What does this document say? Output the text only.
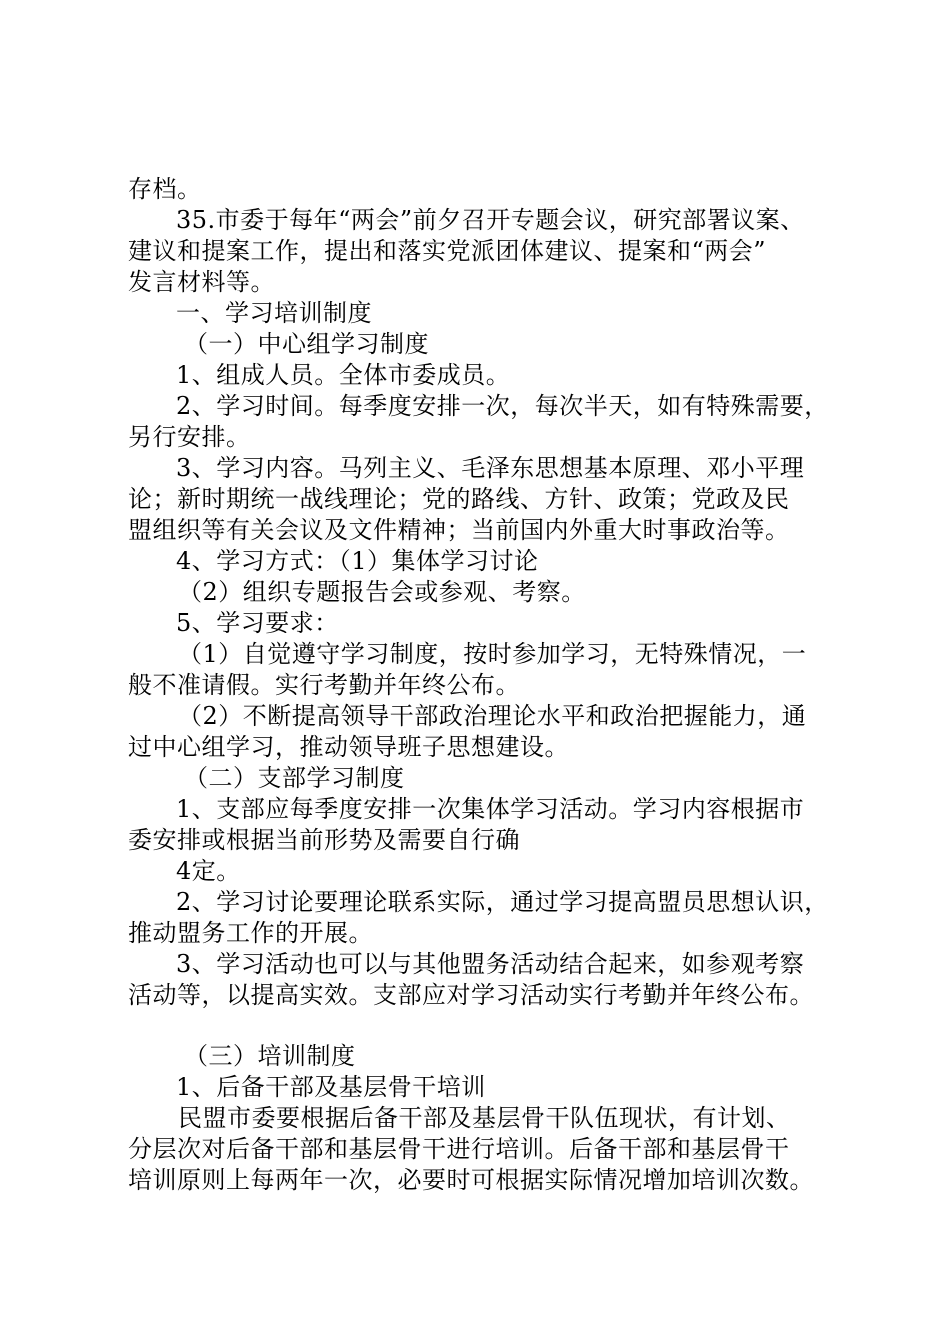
存档。

35.市委于每年“两会”前夕召开专题会议，研究部署议案、

建议和提案工作，提出和落实党派团体建议、提案和“两会”

发言材料等。

一、学习培训制度

（一）中心组学习制度

1、组成人员。全体市委成员。

2、学习时间。每季度安排一次，每次半天，如有特殊需要，

另行安排。

3、学习内容。马列主义、毛泽东思想基本原理、邓小平理

论；新时期统一战线理论；党的路线、方针、政策；党政及民

盟组织等有关会议及文件精神；当前国内外重大时事政治等。

4、学习方式：（1）集体学习讨论

（2）组织专题报告会或参观、考察。

5、学习要求：

（1）自觉遵守学习制度，按时参加学习，无特殊情况，一

般不准请假。实行考勤并年终公布。

（2）不断提高领导干部政治理论水平和政治把握能力，通

过中心组学习，推动领导班子思想建设。

（二）支部学习制度

1、支部应每季度安排一次集体学习活动。学习内容根据市

委安排或根据当前形势及需要自行确

4定。

2、学习讨论要理论联系实际，通过学习提高盟员思想认识，

推动盟务工作的开展。

3、学习活动也可以与其他盟务活动结合起来，如参观考察

活动等，以提高实效。支部应对学习活动实行考勤并年终公布。

（三）培训制度

1、后备干部及基层骨干培训

民盟市委要根据后备干部及基层骨干队伍现状，有计划、

分层次对后备干部和基层骨干进行培训。后备干部和基层骨干

培训原则上每两年一次，必要时可根据实际情况增加培训次数。
